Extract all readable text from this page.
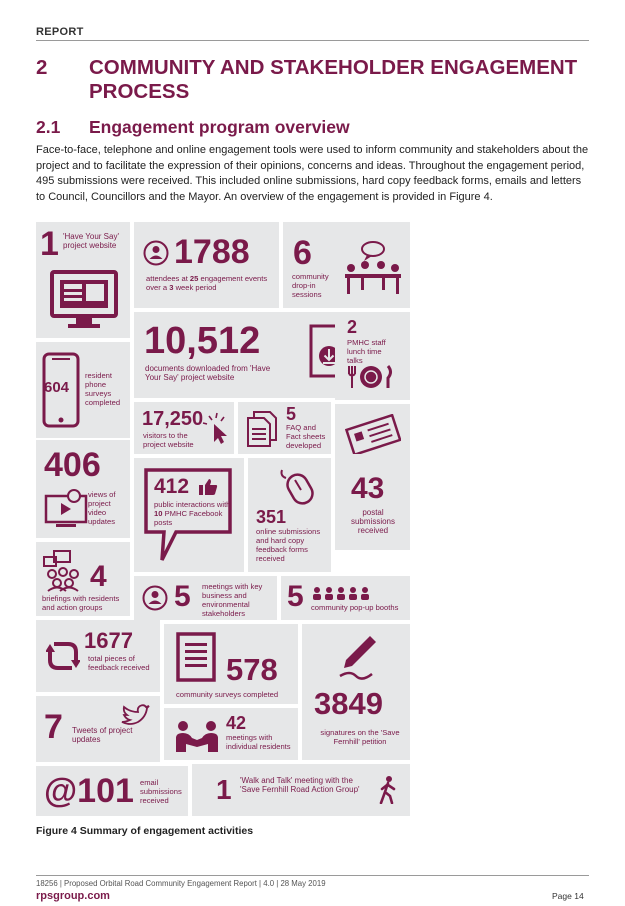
REPORT
2 COMMUNITY AND STAKEHOLDER ENGAGEMENT PROCESS
2.1 Engagement program overview
Face-to-face, telephone and online engagement tools were used to inform community and stakeholders about the project and to facilitate the expression of their opinions, concerns and ideas. Throughout the engagement period, 495 submissions were received. This included online submissions, hard copy feedback forms, emails and letters to Council, Councillors and the Mayor. An overview of the engagement is provided in Figure 4.
1 'Have Your Say' project website	1788
attendees at 25 engagement events over a 3 week period
6
community drop-in sessions
10,512
documents downloaded from 'Have Your Say' project website
604
resident phone surveys completed
17,250
visitors to the project website
5
FAQ and Fact sheets developed
2
PMHC staff lunch time talks
43
postal submissions received
406
views of project video updates
412
public interactions with 10 PMHC Facebook posts	351
online submissions and hard copy feedback forms received
4
briefings with residents and action groups	5 meetings with key business and environmental stakeholders
5 community pop-up booths
1677
total pieces of feedback received 578
community surveys completed	3849
signatures on the 'Save Fernhill' petition
7 Tweets of project updates
42
meetings with individual residents
@101 email submissions received	1 'Walk and Talk' meeting with the 'Save Fernhill Road Action Group'
Figure 4 Summary of engagement activities
18256 | Proposed Orbital Road Community Engagement Report | 4.0 | 28 May 2019
rpsgroup.com	Page 14
